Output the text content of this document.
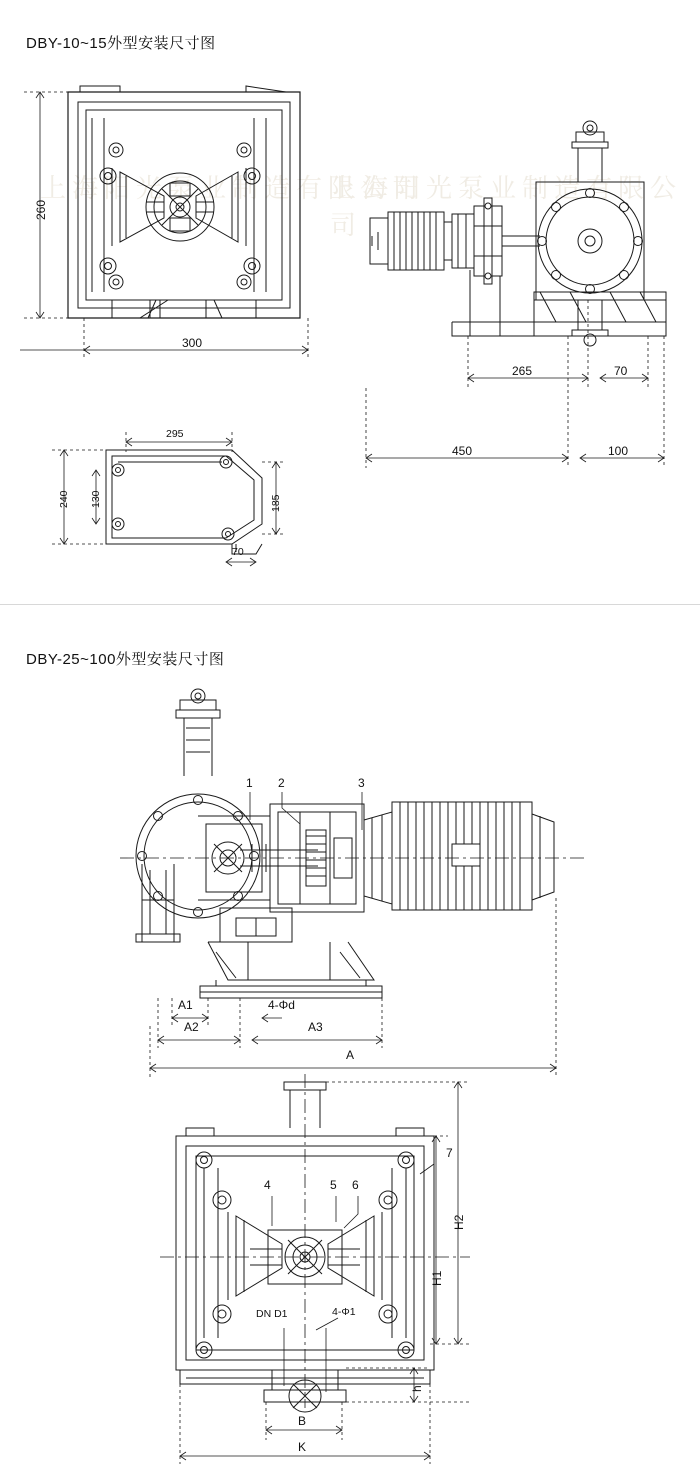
DBY-10~15外型安装尺寸图
上海阳光泵业制造有限公司
上海阳光泵业制造有限公司
260
300
265	70
450	100
295
240 130	185
70
DBY-25~100外型安装尺寸图
1 2	3
A1
A2
4-Φd
A3
A
4	5 6
7
H2
H1
h
DN D1	4-Φ1
B
K
